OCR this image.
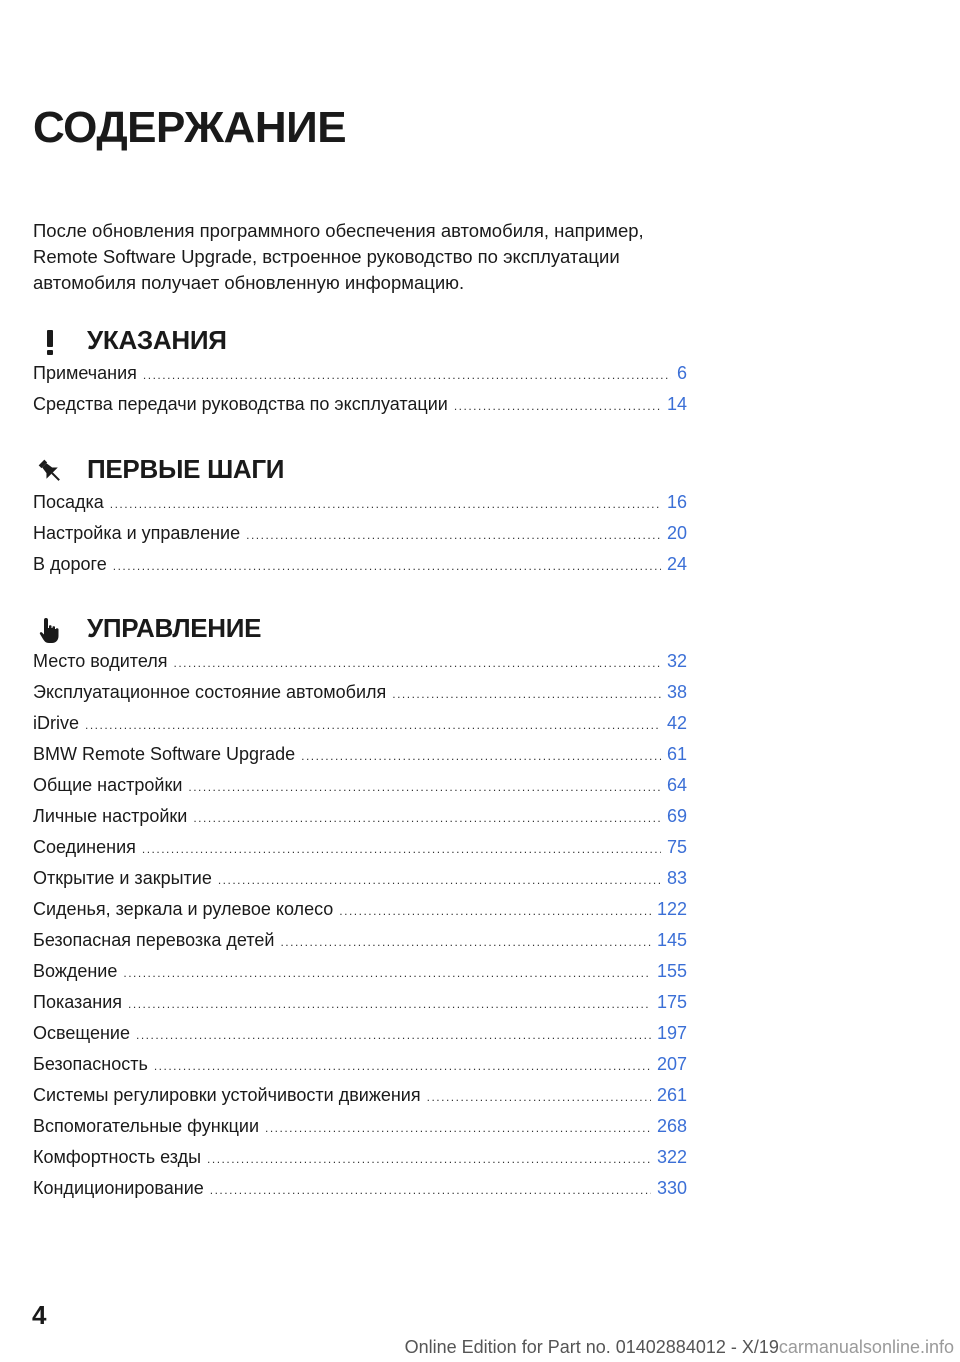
СОДЕРЖАНИЕ
После обновления программного обеспечения автомобиля, например,
Remote Software Upgrade, встроенное руководство по эксплуатации
автомобиля получает обновленную информацию.
УКАЗАНИЯ
Примечания .....	6
Средства передачи руководства по эксплуатации .....	14
ПЕРВЫЕ ШАГИ
Посадка .....	16
Настройка и управление .....	20
В дороге .....	24
УПРАВЛЕНИЕ
Место водителя .....	32
Эксплуатационное состояние автомобиля .....	38
iDrive .....	42
BMW Remote Software Upgrade .....	61
Общие настройки .....	64
Личные настройки .....	69
Соединения .....	75
Открытие и закрытие .....	83
Сиденья, зеркала и рулевое колесо .....	122
Безопасная перевозка детей .....	145
Вождение .....	155
Показания .....	175
Освещение .....	197
Безопасность .....	207
Системы регулировки устойчивости движения .....	261
Вспомогательные функции .....	268
Комфортность езды .....	322
Кондиционирование .....	330
4
Online Edition for Part no. 01402884012 - X/19carmanualsonline.info
